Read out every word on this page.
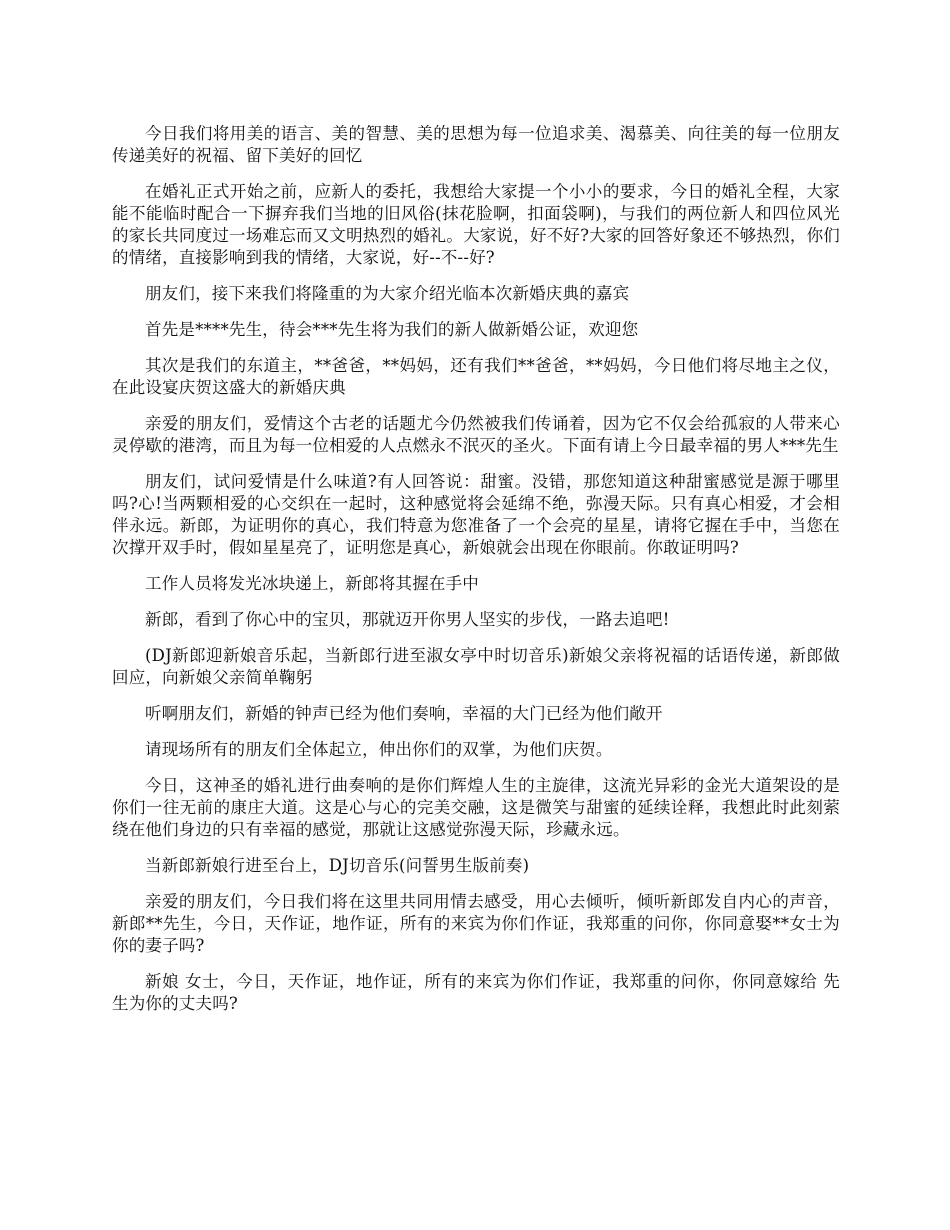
今日我们将用美的语言、美的智慧、美的思想为每一位追求美、渴慕美、向往美的每一位朋友传递美好的祝福、留下美好的回忆

在婚礼正式开始之前，应新人的委托，我想给大家提一个小小的要求，今日的婚礼全程，大家能不能临时配合一下摒弃我们当地的旧风俗(抹花脸啊，扣面袋啊)，与我们的两位新人和四位风光的家长共同度过一场难忘而又文明热烈的婚礼。大家说，好不好?大家的回答好象还不够热烈，你们的情绪，直接影响到我的情绪，大家说，好--不--好?

朋友们，接下来我们将隆重的为大家介绍光临本次新婚庆典的嘉宾

首先是****先生，待会***先生将为我们的新人做新婚公证，欢迎您

其次是我们的东道主，**爸爸，**妈妈，还有我们**爸爸，**妈妈，今日他们将尽地主之仪，在此设宴庆贺这盛大的新婚庆典

亲爱的朋友们，爱情这个古老的话题尤今仍然被我们传诵着，因为它不仅会给孤寂的人带来心灵停歇的港湾，而且为每一位相爱的人点燃永不泯灭的圣火。下面有请上今日最幸福的男人***先生

朋友们，试问爱情是什么味道?有人回答说：甜蜜。没错，那您知道这种甜蜜感觉是源于哪里吗?心!当两颗相爱的心交织在一起时，这种感觉将会延绵不绝，弥漫天际。只有真心相爱，才会相伴永远。新郎，为证明你的真心，我们特意为您准备了一个会亮的星星，请将它握在手中，当您在次撑开双手时，假如星星亮了，证明您是真心，新娘就会出现在你眼前。你敢证明吗?

工作人员将发光冰块递上，新郎将其握在手中

新郎，看到了你心中的宝贝，那就迈开你男人坚实的步伐，一路去追吧!

(DJ新郎迎新娘音乐起，当新郎行进至淑女亭中时切音乐)新娘父亲将祝福的话语传递，新郎做回应，向新娘父亲简单鞠躬

听啊朋友们，新婚的钟声已经为他们奏响，幸福的大门已经为他们敞开

请现场所有的朋友们全体起立，伸出你们的双掌，为他们庆贺。

今日，这神圣的婚礼进行曲奏响的是你们辉煌人生的主旋律，这流光异彩的金光大道架设的是你们一往无前的康庄大道。这是心与心的完美交融，这是微笑与甜蜜的延续诠释，我想此时此刻萦绕在他们身边的只有幸福的感觉，那就让这感觉弥漫天际，珍藏永远。

当新郎新娘行进至台上，DJ切音乐(问誓男生版前奏)

亲爱的朋友们，今日我们将在这里共同用情去感受，用心去倾听，倾听新郎发自内心的声音，新郎**先生，今日，天作证，地作证，所有的来宾为你们作证，我郑重的问你，你同意娶**女士为你的妻子吗?

新娘 女士，今日，天作证，地作证，所有的来宾为你们作证，我郑重的问你，你同意嫁给 先生为你的丈夫吗?
